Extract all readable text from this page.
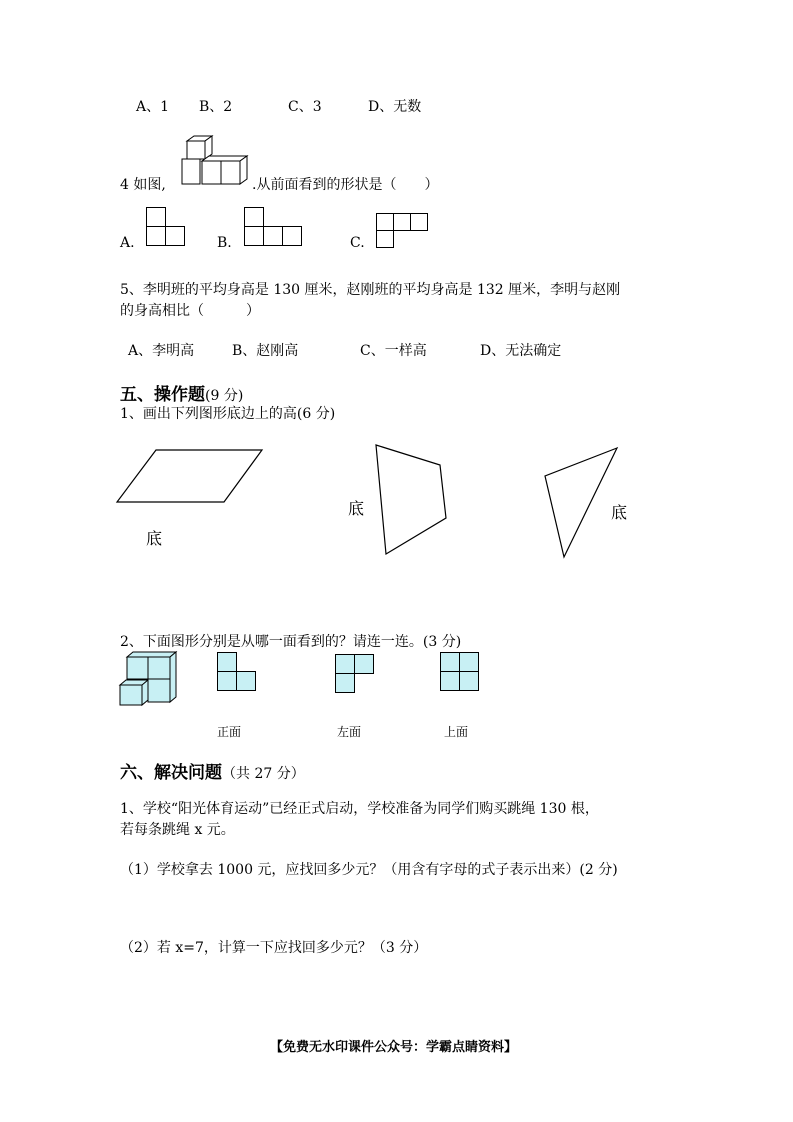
A、1 B、2	C、3	D、无数
4 如图,	.从前面看到的形状是（　　）
A.	B.	C.
5、李明班的平均身高是 130 厘米，赵刚班的平均身高是 132 厘米，李明与赵刚
的身高相比（　　　）
A、李明高	B、赵刚高	C、一样高	D、无法确定
五、操作题(9 分)
1、画出下列图形底边上的高(6 分)
底
底	底
2、下面图形分别是从哪一面看到的？请连一连。(3 分)
正面	左面	上面
六、解决问题（共 27 分）
1、学校“阳光体育运动”已经正式启动，学校准备为同学们购买跳绳 130 根，
若每条跳绳 x 元。
（1）学校拿去 1000 元，应找回多少元？（用含有字母的式子表示出来）(2 分)
（2）若 x=7，计算一下应找回多少元？（3 分）
【免费无水印课件公众号：学霸点睛资料】
